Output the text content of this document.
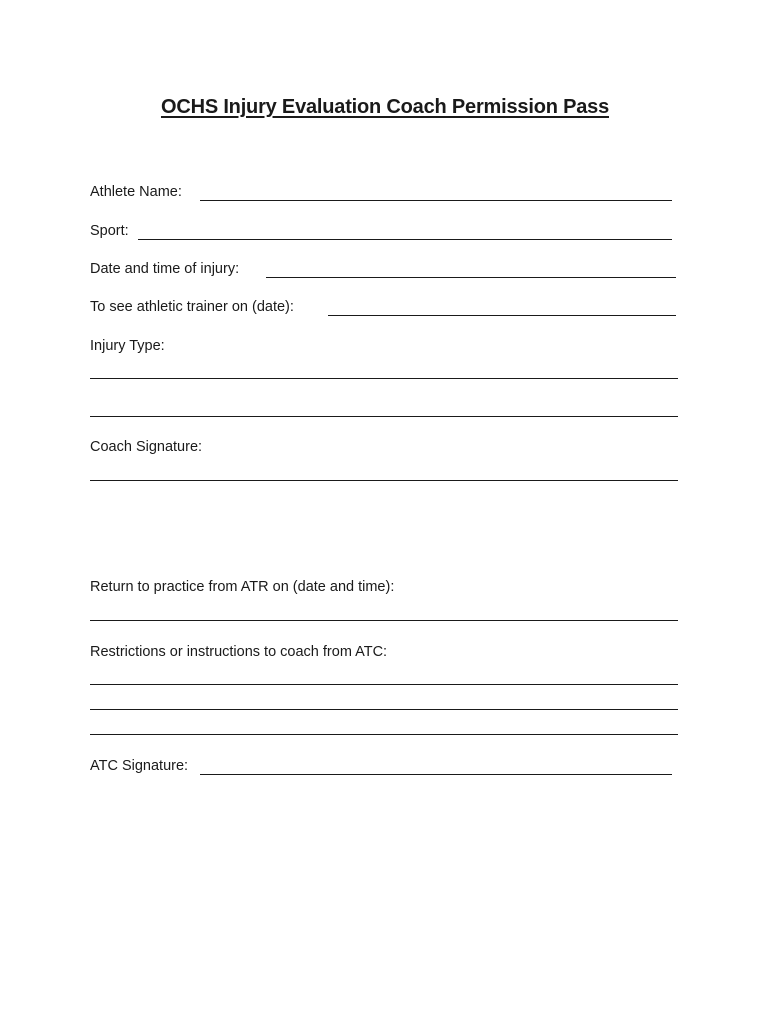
OCHS Injury Evaluation Coach Permission Pass
Athlete Name:
Sport:
Date and time of injury:
To see athletic trainer on (date):
Injury Type:
Coach Signature:
Return to practice from ATR on (date and time):
Restrictions or instructions to coach from ATC:
ATC Signature:
